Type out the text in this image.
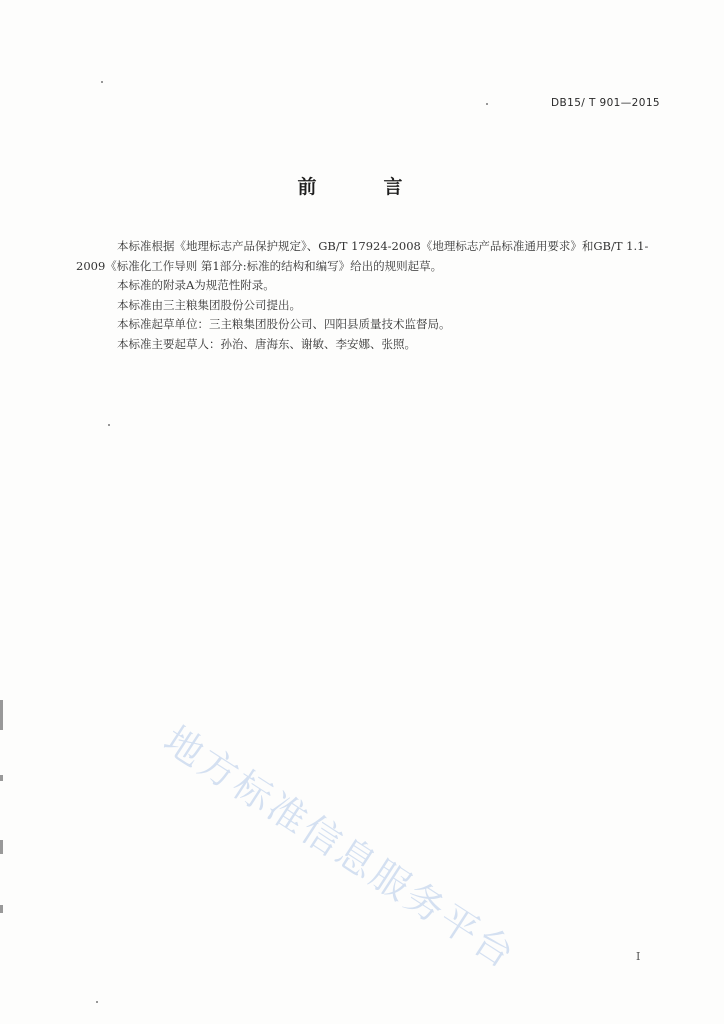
DB15/ T 901—2015
前　言

本标准根据《地理标志产品保护规定》、GB/T 17924-2008《地理标志产品标准通用要求》和GB/T 1.1-2009《标准化工作导则 第1部分:标准的结构和编写》给出的规则起草。

本标准的附录A为规范性附录。

本标准由三主粮集团股份公司提出。

本标准起草单位：三主粮集团股份公司、四阳县质量技术监督局。

本标准主要起草人：孙治、唐海东、谢敏、李安娜、张照。

地方标准信息服务平台	I
